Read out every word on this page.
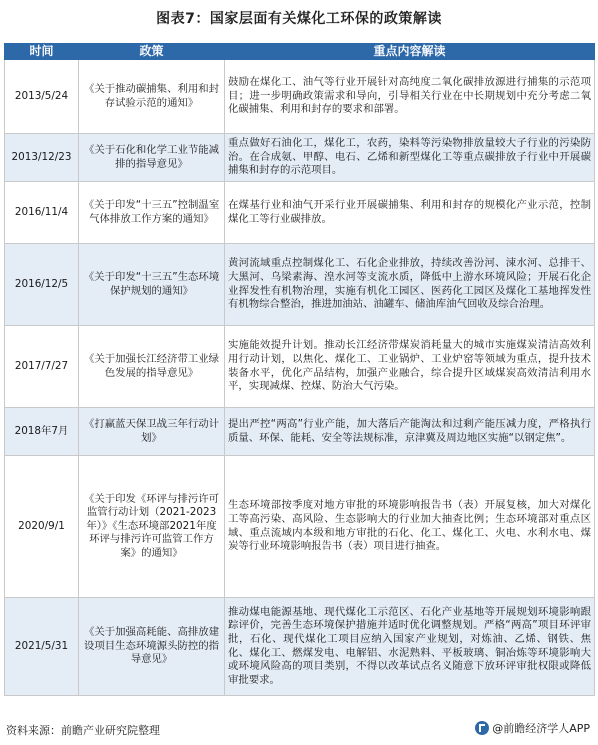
图表7：国家层面有关煤化工环保的政策解读
时间	政策	重点内容解读
2013/5/24	《关于推动碳捕集、利用和封存试验示范的通知》	鼓励在煤化工、油气等行业开展针对高纯度二氧化碳排放源进行捕集的示范项目；进一步明确政策需求和导向，引导相关行业在中长期规划中充分考虑二氧化碳捕集、利用和封存的要求和部署。
2013/12/23	《关于石化和化学工业节能减排的指导意见》	重点做好石油化工，煤化工，农药，染料等污染物排放量较大子行业的污染防治。在合成氨、甲醇、电石、乙烯和新型煤化工等重点碳排放子行业中开展碳捕集和封存的示范项目。
2016/11/4	《关于印发“十三五”控制温室气体排放工作方案的通知》	在煤基行业和油气开采行业开展碳捕集、利用和封存的规模化产业示范，控制煤化工等行业碳排放。
2016/12/5	《关于印发“十三五”生态环境保护规划的通知》	黄河流域重点控制煤化工、石化企业排放，持续改善汾河、涑水河、总排干、大黑河、乌梁素海、湟水河等支流水质，降低中上游水环境风险；开展石化企业挥发性有机物治理，实施有机化工园区、医药化工园区及煤化工基地挥发性有机物综合整治，推进加油站、油罐车、储油库油气回收及综合治理。
2017/7/27	《关于加强长江经济带工业绿色发展的指导意见》	实施能效提升计划。推动长江经济带煤炭消耗量大的城市实施煤炭清洁高效利用行动计划，以焦化、煤化工、工业锅炉、工业炉窑等领域为重点，提升技术装备水平，优化产品结构，加强产业融合，综合提升区域煤炭高效清洁利用水平，实现减煤、控煤、防治大气污染。
2018年7月	《打赢蓝天保卫战三年行动计划》	提出严控“两高”行业产能，加大落后产能淘汰和过剩产能压减力度，严格执行质量、环保、能耗、安全等法规标准，京津冀及周边地区实施“以钢定焦”。
2020/9/1	《关于印发《环评与排污许可监管行动计划（2021-2023年）》《生态环境部2021年度环评与排污许可监管工作方案》的通知》	生态环境部按季度对地方审批的环境影响报告书（表）开展复核，加大对煤化工等高污染、高风险、生态影响大的行业加大抽查比例；生态环境部对重点区域、重点流域内本级和地方审批的石化、化工、煤化工、火电、水利水电、煤炭等行业环境影响报告书（表）项目进行抽查。
2021/5/31	《关于加强高耗能、高排放建设项目生态环境源头防控的指导意见》	推动煤电能源基地、现代煤化工示范区、石化产业基地等开展规划环境影响跟踪评价，完善生态环境保护措施并适时优化调整规划。严格“两高”项目环评审批，石化、现代煤化工项目应纳入国家产业规划，对炼油、乙烯、钢铁、焦化、煤化工、燃煤发电、电解铝、水泥熟料、平板玻璃、铜冶炼等环境影响大或环境风险高的项目类别，不得以改革试点名义随意下放环评审批权限或降低审批要求。
资料来源：前瞻产业研究院整理	@前瞻经济学人APP
